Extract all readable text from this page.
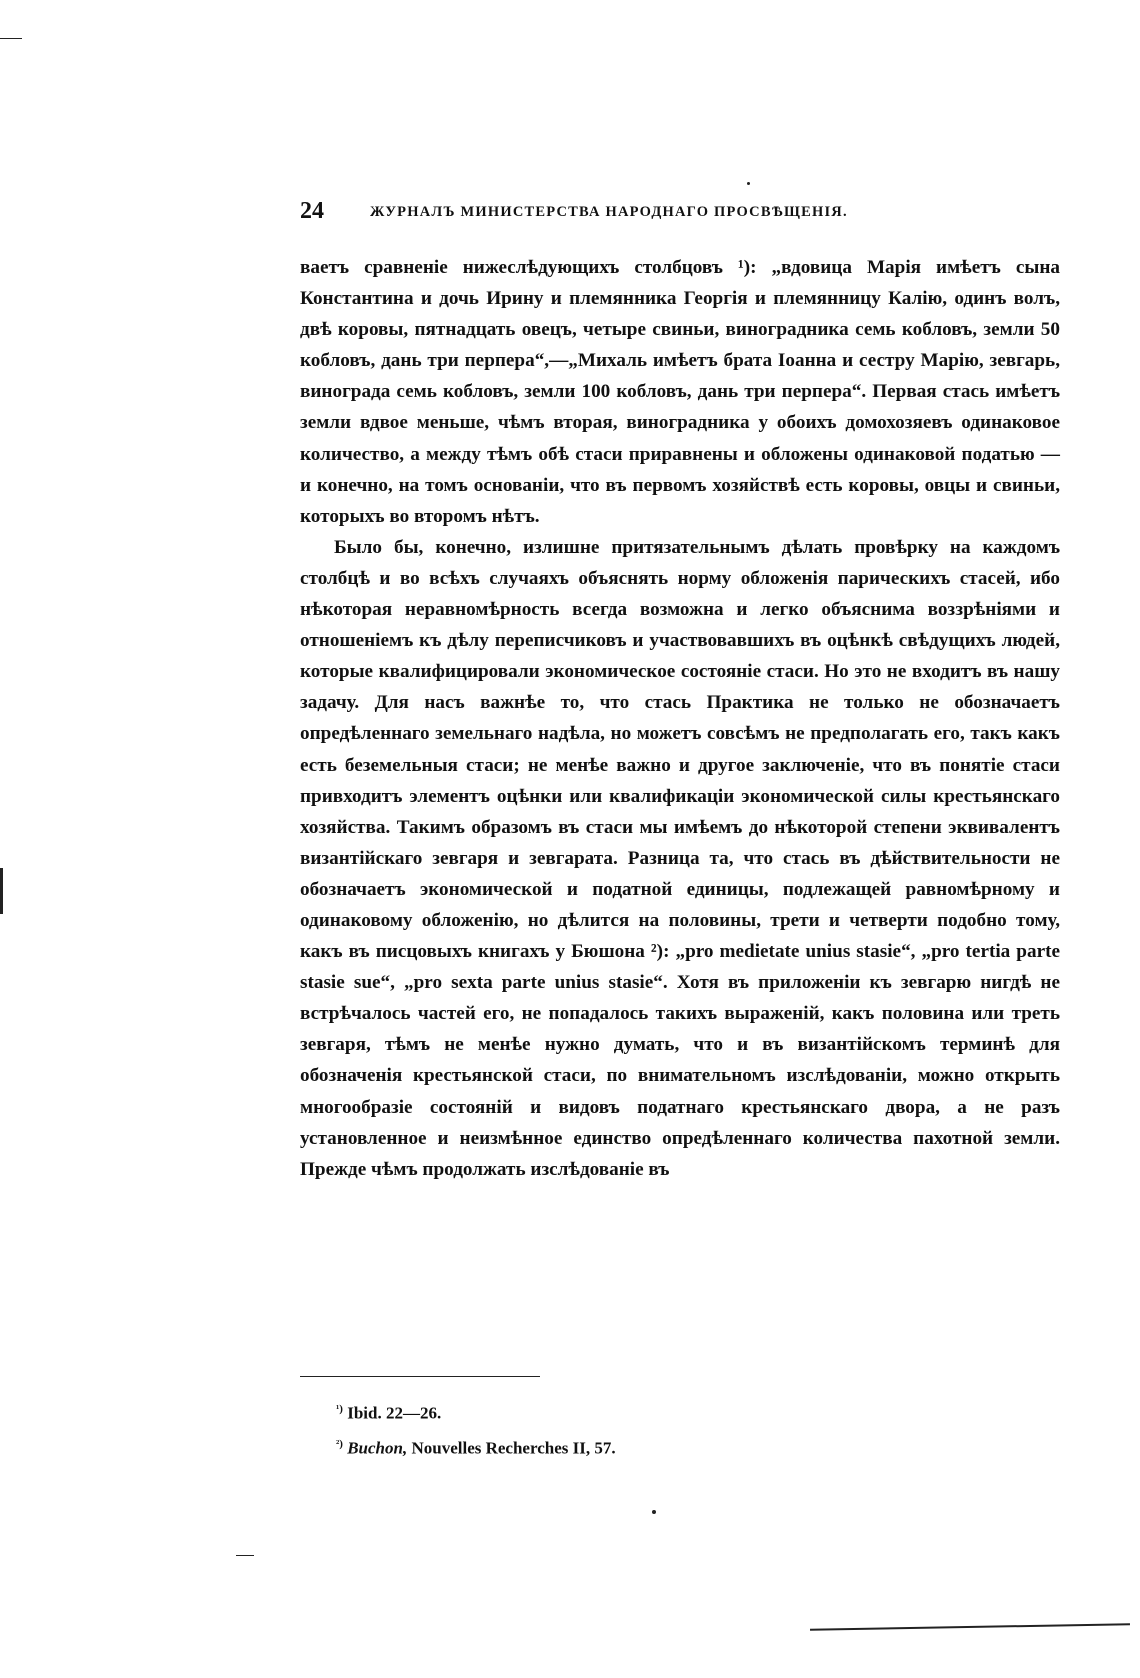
24	ЖУРНАЛЪ МИНИСТЕРСТВА НАРОДНАГО ПРОСВѢЩЕНІЯ.

ваетъ сравненіе нижеслѣдующихъ столбцовъ ¹): „вдовица Марія имѣетъ сына Константина и дочь Ирину и племянника Георгія и племянницу Калію, одинъ волъ, двѣ коровы, пятнадцать овецъ, четыре свиньи, виноградника семь кобловъ, земли 50 кобловъ, дань три перпера“,—„Михаль имѣетъ брата Іоанна и сестру Марію, зевгарь, винограда семь кобловъ, земли 100 кобловъ, дань три перпера“. Первая стась имѣетъ земли вдвое меньше, чѣмъ вторая, виноградника у обоихъ домохозяевъ одинаковое количество, а между тѣмъ обѣ стаси приравнены и обложены одинаковой податью — и конечно, на томъ основаніи, что въ первомъ хозяйствѣ есть коровы, овцы и свиньи, которыхъ во второмъ нѣтъ.

Было бы, конечно, излишне притязательнымъ дѣлать провѣрку на каждомъ столбцѣ и во всѣхъ случаяхъ объяснять норму обложенія парическихъ стасей, ибо нѣкоторая неравномѣрность всегда возможна и легко объяснима воззрѣніями и отношеніемъ къ дѣлу переписчиковъ и участвовавшихъ въ оцѣнкѣ свѣдущихъ людей, которые квалифицировали экономическое состояніе стаси. Но это не входитъ въ нашу задачу. Для насъ важнѣе то, что стась Практика не только не обозначаетъ опредѣленнаго земельнаго надѣла, но можетъ совсѣмъ не предполагать его, такъ какъ есть беземельныя стаси; не менѣе важно и другое заключеніе, что въ понятіе стаси привходитъ элементъ оцѣнки или квалификаціи экономической силы крестьянскаго хозяйства. Такимъ образомъ въ стаси мы имѣемъ до нѣкоторой степени эквивалентъ византійскаго зевгаря и зевгарата. Разница та, что стась въ дѣйствительности не обозначаетъ экономической и податной единицы, подлежащей равномѣрному и одинаковому обложенію, но дѣлится на половины, трети и четверти подобно тому, какъ въ писцовыхъ книгахъ у Бюшона ²): „pro medietate unius stasie“, „pro tertia parte stasie sue“, „pro sexta parte unius stasie“. Хотя въ приложеніи къ зевгарю нигдѣ не встрѣчалось частей его, не попадалось такихъ выраженій, какъ половина или треть зевгаря, тѣмъ не менѣе нужно думать, что и въ византійскомъ терминѣ для обозначенія крестьянской стаси, по внимательномъ изслѣдованіи, можно открыть многообразіе состояній и видовъ податнаго крестьянскаго двора, а не разъ установленное и неизмѣнное единство опредѣленнаго количества пахотной земли. Прежде чѣмъ продолжать изслѣдованіе въ

$^{^1)}$ Ibid. 22—26.
$^{^2)}$ Buchon, Nouvelles Recherches II, 57.
